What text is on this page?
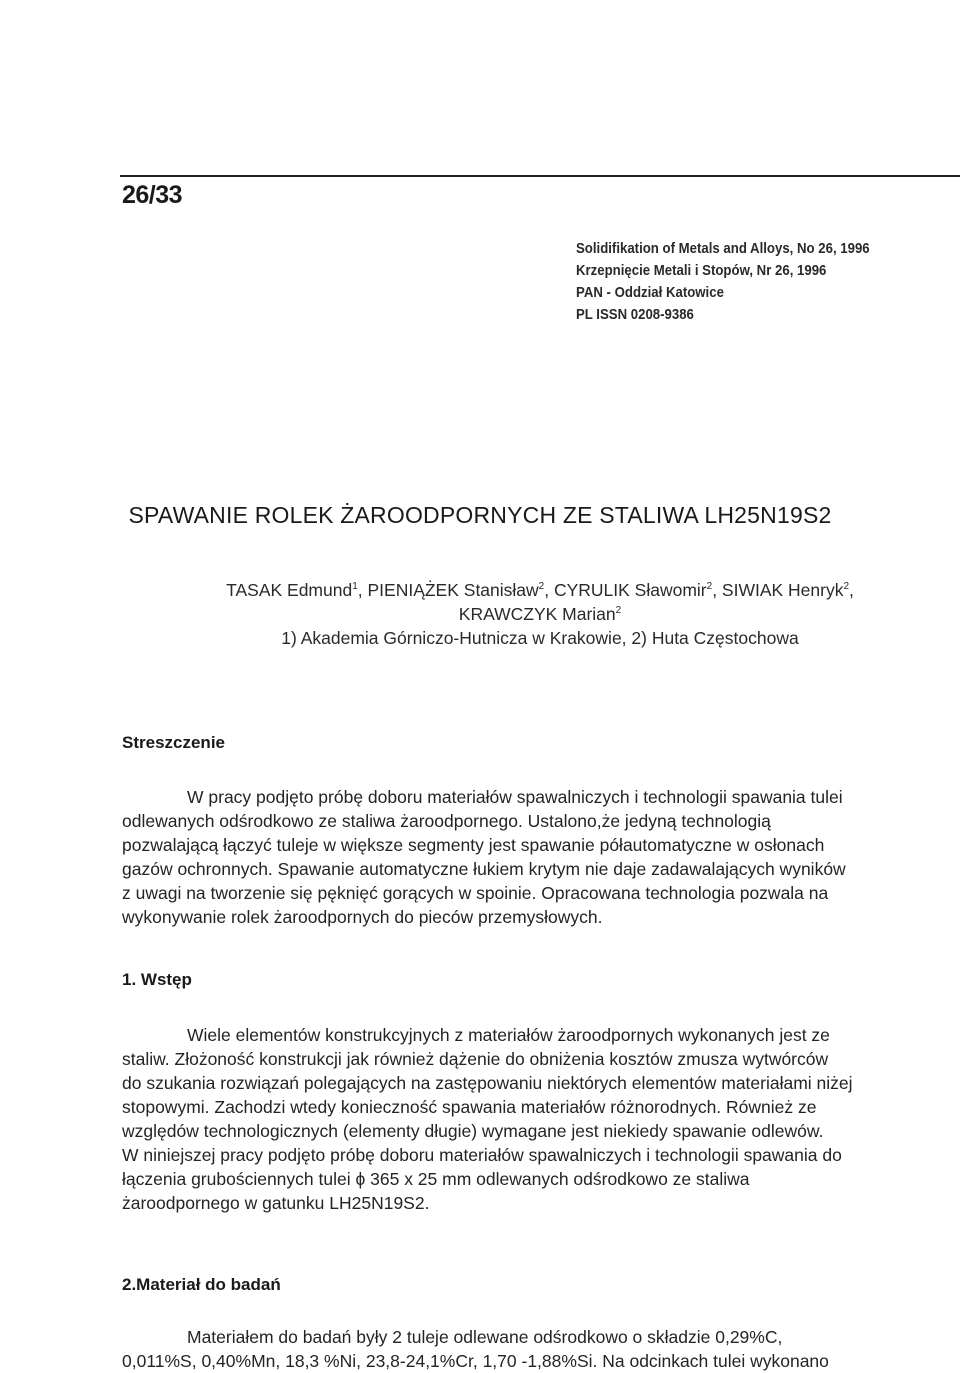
26/33
Solidifikation of Metals and Alloys, No 26, 1996
Krzepnięcie Metali i Stopów, Nr 26, 1996
PAN - Oddział Katowice
PL ISSN 0208-9386
SPAWANIE ROLEK ŻAROODPORNYCH ZE STALIWA LH25N19S2
TASAK Edmund$^1$, PIENIĄŻEK Stanisław$^2$, CYRULIK Sławomir$^2$, SIWIAK Henryk$^2$,
KRAWCZYK Marian$^2$
1) Akademia Górniczo-Hutnicza w Krakowie, 2) Huta Częstochowa
Streszczenie
W pracy podjęto próbę doboru materiałów spawalniczych i technologii spawania tulei
odlewanych odśrodkowo ze staliwa żaroodpornego. Ustalono,że jedyną technologią
pozwalającą łączyć tuleje w większe segmenty jest spawanie półautomatyczne w osłonach
gazów ochronnych. Spawanie automatyczne łukiem krytym nie daje zadawalających wyników
z uwagi na tworzenie się pęknięć gorących w spoinie. Opracowana technologia pozwala na
wykonywanie rolek żaroodpornych do pieców przemysłowych.
1. Wstęp
Wiele elementów konstrukcyjnych z materiałów żaroodpornych wykonanych jest ze
staliw. Złożoność konstrukcji jak również dążenie do obniżenia kosztów zmusza wytwórców
do szukania rozwiązań polegających na zastępowaniu niektórych elementów materiałami niżej
stopowymi. Zachodzi wtedy konieczność spawania materiałów różnorodnych. Również ze
względów technologicznych (elementy długie) wymagane jest niekiedy spawanie odlewów.
W niniejszej pracy podjęto próbę doboru materiałów spawalniczych i technologii spawania do
łączenia grubościennych tulei ϕ 365 x 25 mm odlewanych odśrodkowo ze staliwa
żaroodpornego w gatunku LH25N19S2.
2.Materiał do badań
Materiałem do badań były 2 tuleje odlewane odśrodkowo o składzie 0,29%C,
0,011%S, 0,40%Mn, 18,3 %Ni, 23,8-24,1%Cr, 1,70 -1,88%Si. Na odcinkach tulei wykonano
